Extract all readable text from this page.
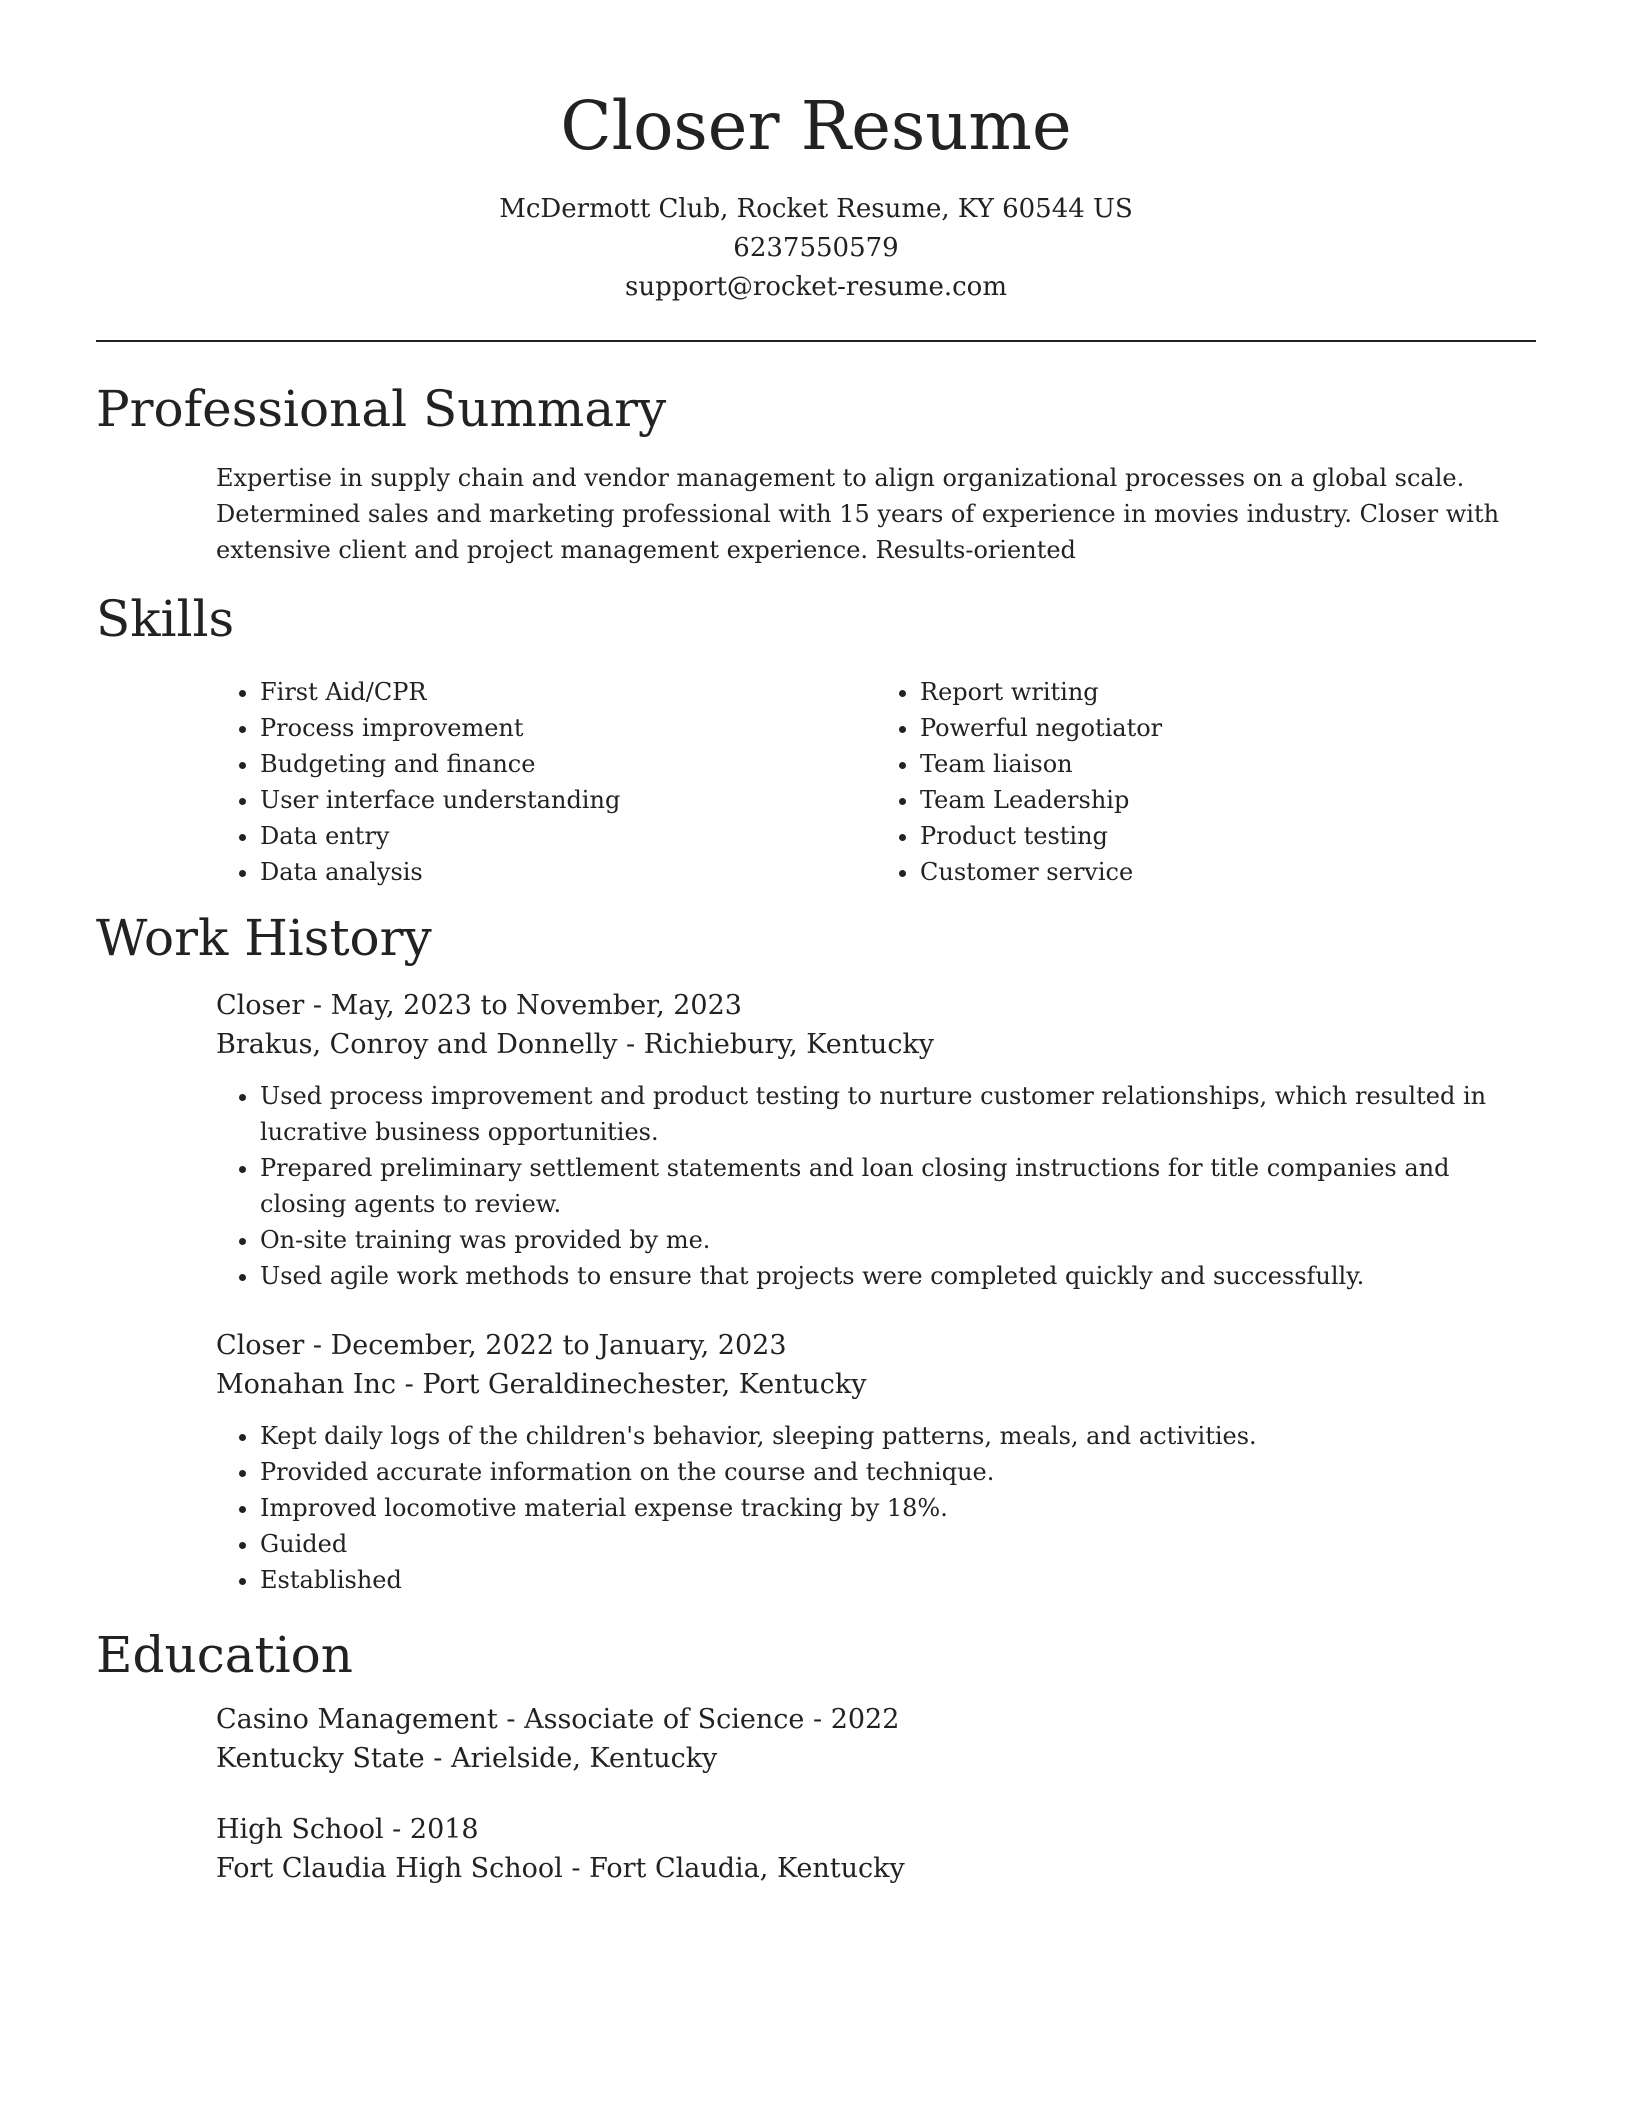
Closer Resume

McDermott Club, Rocket Resume, KY 60544 US

6237550579

support@rocket-resume.com

Professional Summary

Expertise in supply chain and vendor management to align organizational processes on a global scale. Determined sales and marketing professional with 15 years of experience in movies industry. Closer with extensive client and project management experience. Results-oriented

Skills
• First Aid/CPR
• Process improvement
• Budgeting and finance
• User interface understanding
• Data entry
• Data analysis
• Report writing
• Powerful negotiator
• Team liaison
• Team Leadership
• Product testing
• Customer service
Work History

Closer - May, 2023 to November, 2023

Brakus, Conroy and Donnelly - Richiebury, Kentucky

• Used process improvement and product testing to nurture customer relationships, which resulted in lucrative business opportunities.
• Prepared preliminary settlement statements and loan closing instructions for title companies and closing agents to review.
• On-site training was provided by me.
• Used agile work methods to ensure that projects were completed quickly and successfully.

Closer - December, 2022 to January, 2023

Monahan Inc - Port Geraldinechester, Kentucky

• Kept daily logs of the children's behavior, sleeping patterns, meals, and activities.
• Provided accurate information on the course and technique.
• Improved locomotive material expense tracking by 18%.
• Guided
• Established
Education

Casino Management - Associate of Science - 2022

Kentucky State - Arielside, Kentucky

High School - 2018

Fort Claudia High School - Fort Claudia, Kentucky
